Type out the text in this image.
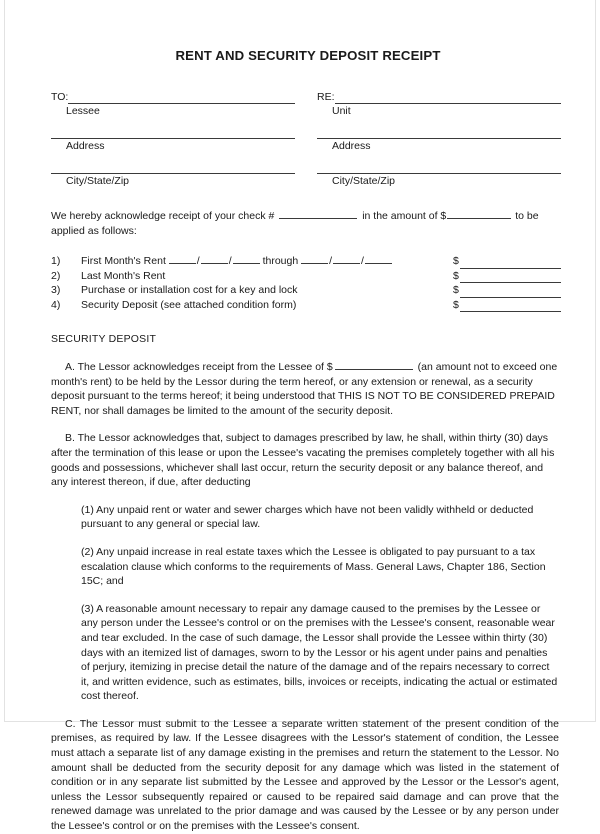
RENT AND SECURITY DEPOSIT RECEIPT
TO:
Lessee
Address
City/State/Zip
RE:
Unit
Address
City/State/Zip
We hereby acknowledge receipt of your check #	in the amount of $	to be applied as follows:
1)	First Month's Rent	/	/	through	/	/	$
2)	Last Month's Rent	$
3)	Purchase or installation cost for a key and lock	$
4)	Security Deposit (see attached condition form)	$
SECURITY DEPOSIT
A. The Lessor acknowledges receipt from the Lessee of $	(an amount not to exceed one month's rent) to be held by the Lessor during the term hereof, or any extension or renewal, as a security deposit pursuant to the terms hereof; it being understood that THIS IS NOT TO BE CONSIDERED PREPAID RENT, nor shall damages be limited to the amount of the security deposit.
B. The Lessor acknowledges that, subject to damages prescribed by law, he shall, within thirty (30) days after the termination of this lease or upon the Lessee's vacating the premises completely together with all his goods and possessions, whichever shall last occur, return the security deposit or any balance thereof, and any interest thereon, if due, after deducting
(1) Any unpaid rent or water and sewer charges which have not been validly withheld or deducted pursuant to any general or special law.
(2) Any unpaid increase in real estate taxes which the Lessee is obligated to pay pursuant to a tax escalation clause which conforms to the requirements of Mass. General Laws, Chapter 186, Section 15C; and
(3) A reasonable amount necessary to repair any damage caused to the premises by the Lessee or any person under the Lessee's control or on the premises with the Lessee's consent, reasonable wear and tear excluded. In the case of such damage, the Lessor shall provide the Lessee within thirty (30) days with an itemized list of damages, sworn to by the Lessor or his agent under pains and penalties of perjury, itemizing in precise detail the nature of the damage and of the repairs necessary to correct it, and written evidence, such as estimates, bills, invoices or receipts, indicating the actual or estimated cost thereof.
C. The Lessor must submit to the Lessee a separate written statement of the present condition of the premises, as required by law. If the Lessee disagrees with the Lessor's statement of condition, the Lessee must attach a separate list of any damage existing in the premises and return the statement to the Lessor. No amount shall be deducted from the security deposit for any damage which was listed in the statement of condition or in any separate list submitted by the Lessee and approved by the Lessor or the Lessor's agent, unless the Lessor subsequently repaired or caused to be repaired said damage and can prove that the renewed damage was unrelated to the prior damage and was caused by the Lessee or by any person under the Lessee's control or on the premises with the Lessee's consent.
